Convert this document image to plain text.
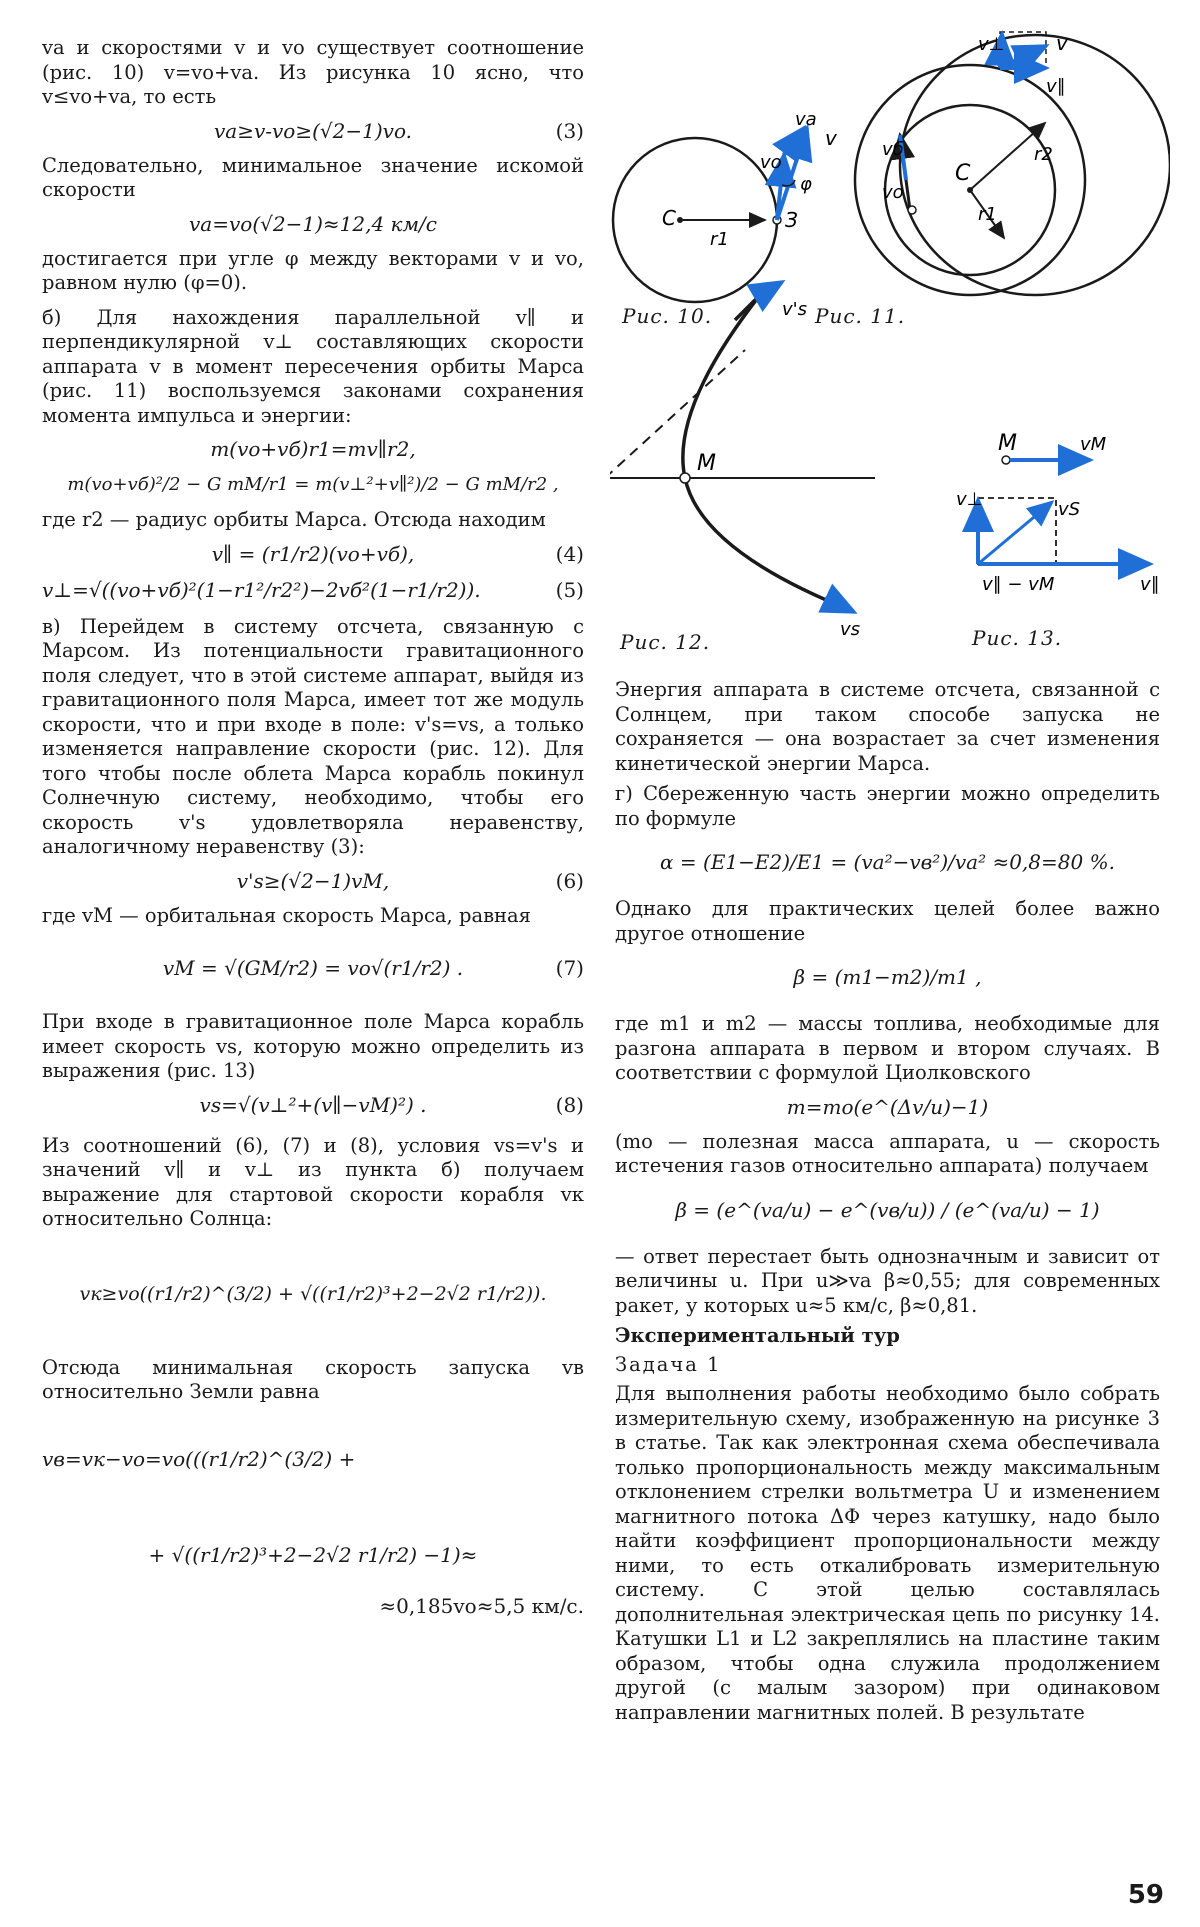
va и скоростями v и vo существует соотношение (рис. 10) v=vo+va. Из рисунка 10 ясно, что v≤vo+va, то есть

va≥v-vo≥(√2−1)vo.	(3)

Следовательно, минимальное значение искомой скорости

va=vo(√2−1)≈12,4 км/с

достигается при угле φ между векторами v и vo, равном нулю (φ=0).

б) Для нахождения параллельной v∥ и перпендикулярной v⊥ составляющих скорости аппарата v в момент пересечения орбиты Марса (рис. 11) воспользуемся законами сохранения момента импульса и энергии:

m(vo+vб)r1=mv∥r2,
m(vo+vб)²/2 − G mM/r1 = m(v⊥²+v∥²)/2 − G mM/r2 ,

где r2 — радиус орбиты Марса. Отсюда находим

v∥ = (r1/r2)(vo+vб),	(4)
v⊥=√((vo+vб)²(1−r1²/r2²)−2vб²(1−r1/r2)).	(5)

в) Перейдем в систему отсчета, связанную с Марсом. Из потенциальности гравитационного поля следует, что в этой системе аппарат, выйдя из гравитационного поля Марса, имеет тот же модуль скорости, что и при входе в поле: v's=vs, а только изменяется направление скорости (рис. 12). Для того чтобы после облета Марса корабль покинул Солнечную систему, необходимо, чтобы его скорость v's удовлетворяла неравенству, аналогичному неравенству (3):

v's≥(√2−1)vM,	(6)

где vM — орбитальная скорость Марса, равная

vM = √(GM/r2) = vo√(r1/r2) .	(7)

При входе в гравитационное поле Марса корабль имеет скорость vs, которую можно определить из выражения (рис. 13)

vs=√(v⊥²+(v∥−vM)²) .	(8)

Из соотношений (6), (7) и (8), условия vs=v's и значений v∥ и v⊥ из пункта б) получаем выражение для стартовой скорости корабля vк относительно Солнца:

vк≥vo((r1/r2)^(3/2) + √((r1/r2)³+2−2√2 r1/r2)).

Отсюда минимальная скорость запуска vв относительно Земли равна

vв=vк−vo=vo(((r1/r2)^(3/2) +
+ √((r1/r2)³+2−2√2 r1/r2) −1)≈
≈0,185vo≈5,5 км/с.
C
r1
З
vo
va
v
φ	C
r1
r2
vo
vб
v⊥	v
v∥
M
v's
vs
M	vM
v⊥	vS
v∥ − vM	v∥
Рис. 10.	Рис. 11.
Рис. 12.	Рис. 13.

Энергия аппарата в системе отсчета, связанной с Солнцем, при таком способе запуска не сохраняется — она возрастает за счет изменения кинетической энергии Марса.

г) Сбереженную часть энергии можно определить по формуле

α = (E1−E2)/E1 = (va²−vв²)/va² ≈0,8=80 %.

Однако для практических целей более важно другое отношение

β = (m1−m2)/m1 ,

где m1 и m2 — массы топлива, необходимые для разгона аппарата в первом и втором случаях. В соответствии с формулой Циолковского

m=mo(e^(Δv/u)−1)

(mo — полезная масса аппарата, u — скорость истечения газов относительно аппарата) получаем

β = (e^(va/u) − e^(vв/u)) / (e^(va/u) − 1)

— ответ перестает быть однозначным и зависит от величины u. При u≫va β≈0,55; для современных ракет, у которых u≈5 км/с, β≈0,81.

Экспериментальный тур
Задача 1

Для выполнения работы необходимо было собрать измерительную схему, изображенную на рисунке 3 в статье. Так как электронная схема обеспечивала только пропорциональность между максимальным отклонением стрелки вольтметра U и изменением магнитного потока ΔΦ через катушку, надо было найти коэффициент пропорциональности между ними, то есть откалибровать измерительную систему. С этой целью составлялась дополнительная электрическая цепь по рисунку 14. Катушки L1 и L2 закреплялись на пластине таким образом, чтобы одна служила продолжением другой (с малым зазором) при одинаковом направлении магнитных полей. В результате

59
